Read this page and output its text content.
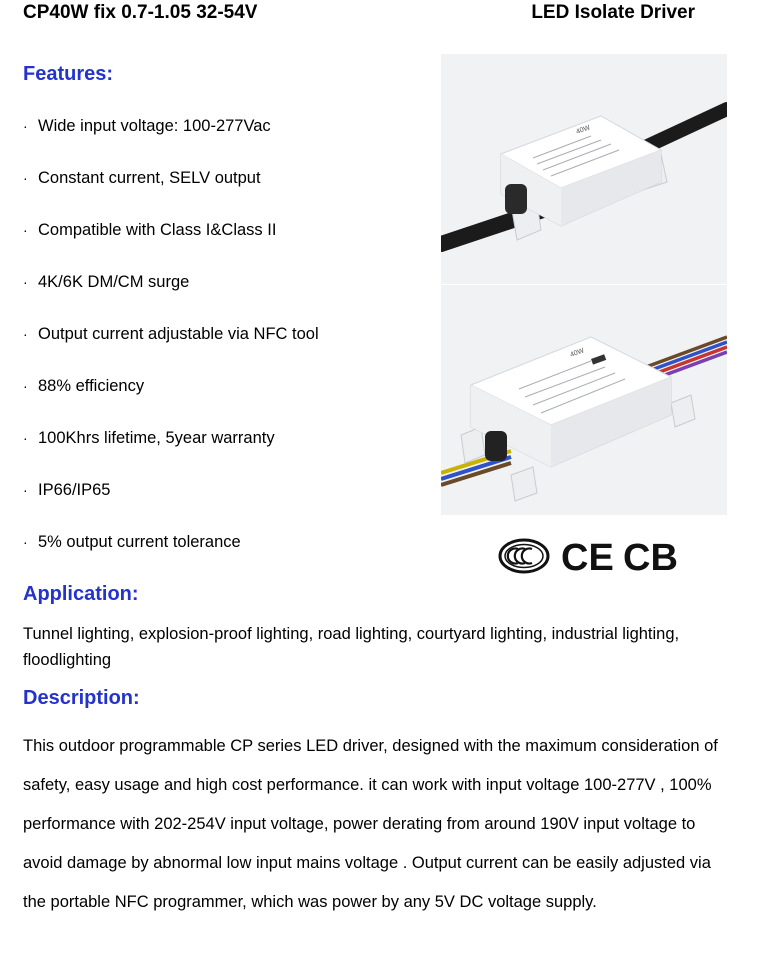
CP40W fix 0.7-1.05 32-54V	LED Isolate Driver
Features:
· Wide input voltage: 100-277Vac
· Constant current, SELV output
· Compatible with Class I&Class II
· 4K/6K DM/CM surge
· Output current adjustable via NFC tool
· 88% efficiency
· 100Khrs lifetime, 5year warranty
· IP66/IP65
· 5% output current tolerance
40W
40W
CE CB
Application:
Tunnel lighting, explosion-proof lighting, road lighting, courtyard lighting, industrial lighting, floodlighting
Description:
This outdoor programmable CP series LED driver, designed with the maximum consideration of safety, easy usage and high cost performance. it can work with input voltage 100-277V , 100% performance with 202-254V input voltage, power derating from around 190V input voltage to avoid damage by abnormal low input mains voltage . Output current can be easily adjusted via the portable NFC programmer, which was power by any 5V DC voltage supply.
